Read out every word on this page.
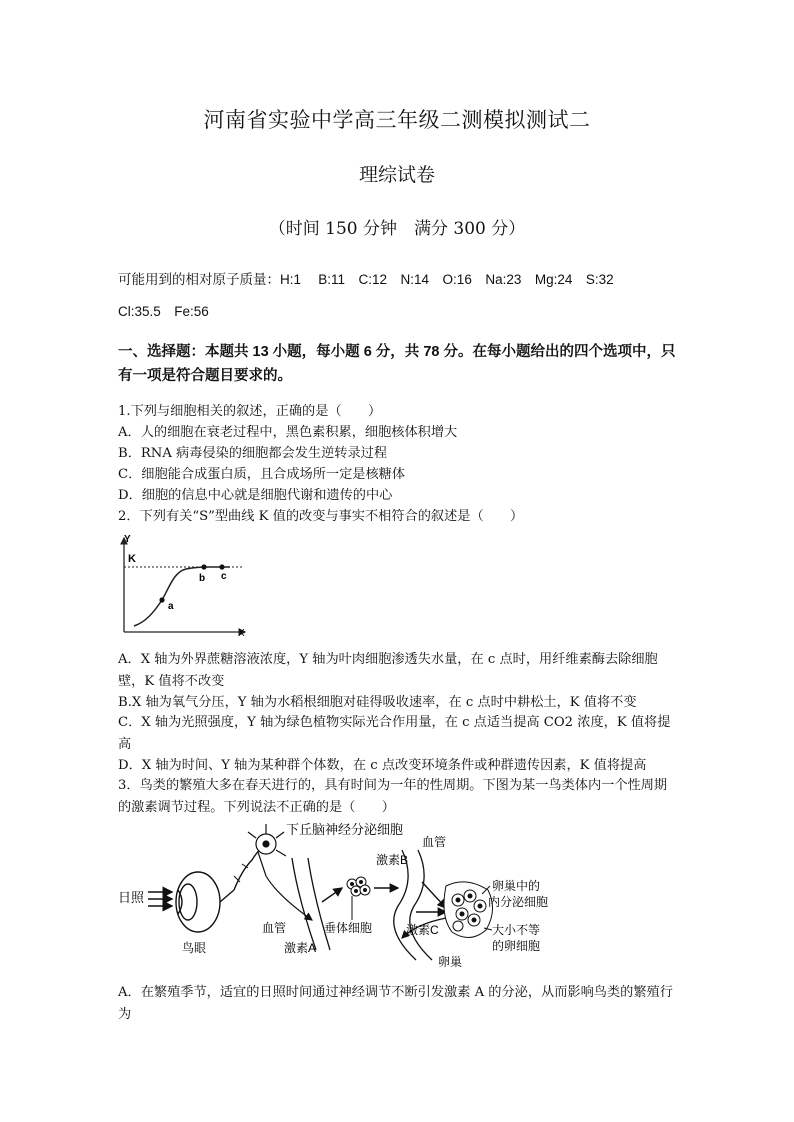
河南省实验中学高三年级二测模拟测试二
理综试卷
（时间 150 分钟　满分 300 分）
可能用到的相对原子质量：H:1　 B:11　C:12　N:14　O:16　Na:23　Mg:24　S:32
Cl:35.5　Fe:56
一、选择题：本题共 13 小题，每小题 6 分，共 78 分。在每小题给出的四个选项中，只有一项是符合题目要求的。
1.下列与细胞相关的叙述，正确的是（　　）
A．人的细胞在衰老过程中，黑色素积累，细胞核体积增大
B．RNA 病毒侵染的细胞都会发生逆转录过程
C．细胞能合成蛋白质，且合成场所一定是核糖体
D．细胞的信息中心就是细胞代谢和遗传的中心
2．下列有关“S”型曲线 K 值的改变与事实不相符合的叙述是（　　）
Y
X
K
a
b c
A．X 轴为外界蔗糖溶液浓度，Y 轴为叶肉细胞渗透失水量，在 c 点时，用纤维素酶去除细胞壁，K 值将不改变
B.X 轴为氧气分压，Y 轴为水稻根细胞对硅得吸收速率，在 c 点时中耕松土，K 值将不变
C．X 轴为光照强度，Y 轴为绿色植物实际光合作用量，在 c 点适当提高 CO2 浓度，K 值将提高
D．X 轴为时间、Y 轴为某种群个体数，在 c 点改变环境条件或种群遗传因素，K 值将提高
3．鸟类的繁殖大多在春天进行的，具有时间为一年的性周期。下图为某一鸟类体内一个性周期的激素调节过程。下列说法不正确的是（　　）
日照
鸟眼
下丘脑神经分泌细胞
血管
激素A
垂体细胞
激素B
血管
激素C
卵巢中的
内分泌细胞
大小不等
的卵细胞
卵巢
A．在繁殖季节，适宜的日照时间通过神经调节不断引发激素 A 的分泌，从而影响鸟类的繁殖行为
